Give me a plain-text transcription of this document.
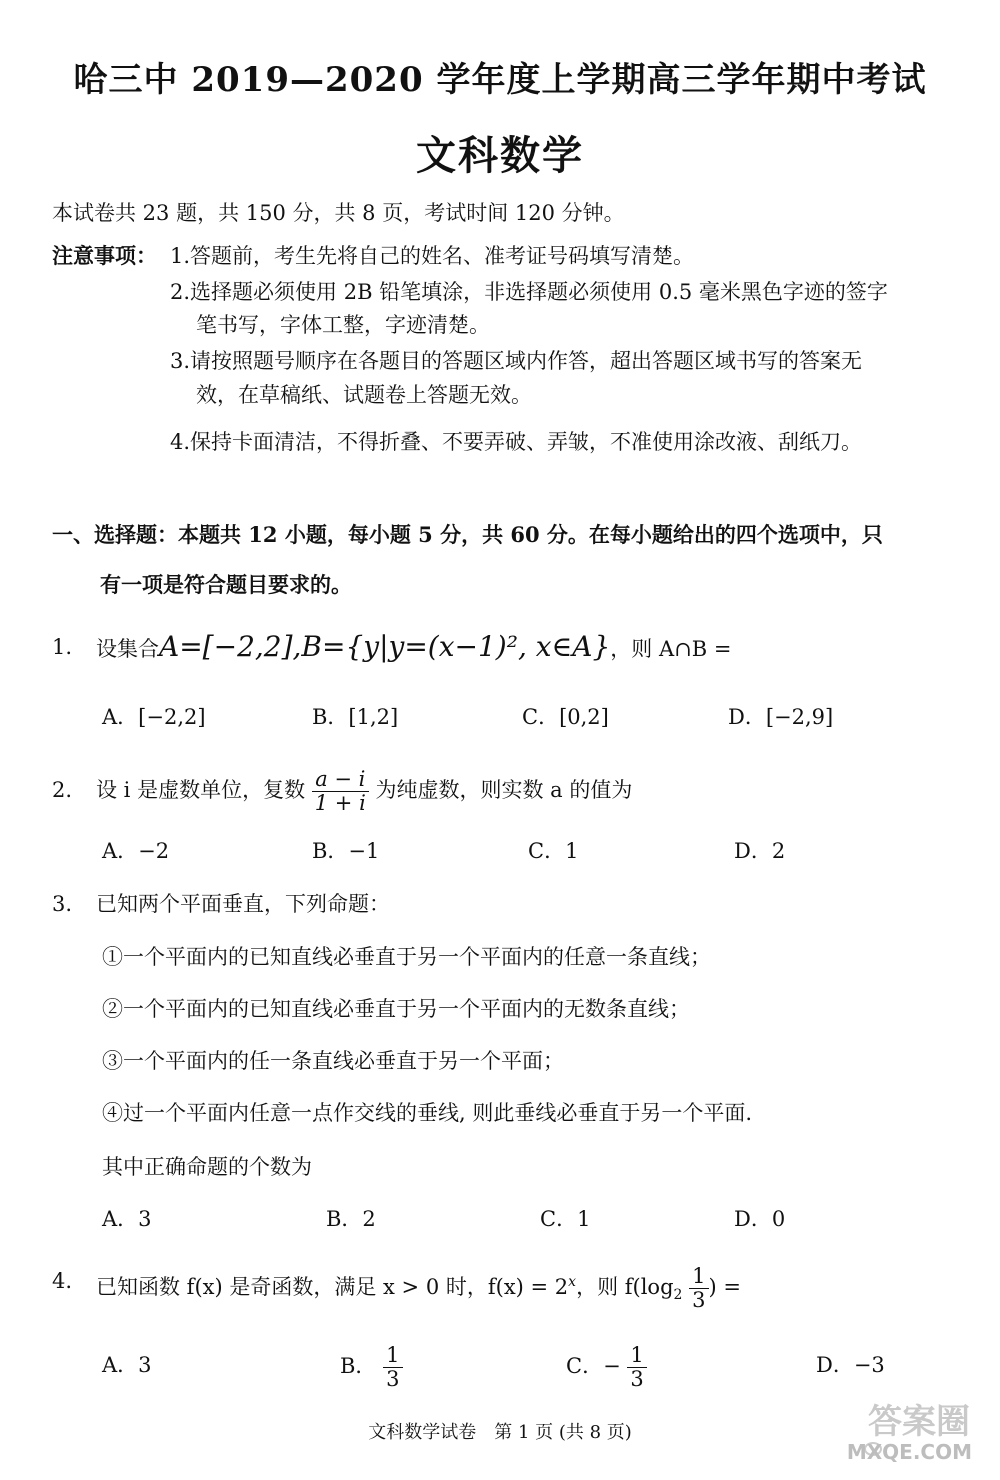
哈三中 2019—2020 学年度上学期高三学年期中考试
文科数学
本试卷共 23 题，共 150 分，共 8 页，考试时间 120 分钟。
注意事项： 1.答题前，考生先将自己的姓名、准考证号码填写清楚。
2.选择题必须使用 2B 铅笔填涂，非选择题必须使用 0.5 毫米黑色字迹的签字
笔书写，字体工整，字迹清楚。
3.请按照题号顺序在各题目的答题区域内作答，超出答题区域书写的答案无
效，在草稿纸、试题卷上答题无效。
4.保持卡面清洁，不得折叠、不要弄破、弄皱，不准使用涂改液、刮纸刀。
一、选择题：本题共 12 小题，每小题 5 分，共 60 分。在每小题给出的四个选项中，只
有一项是符合题目要求的。
1. 设集合A=[−2,2],B={y|y=(x−1)², x∈A}，则 A∩B =
A．[−2,2]	B．[1,2]	C．[0,2]	D．[−2,9]
2. 设 i 是虚数单位，复数 $\frac{a - i}{1 + i}$ 为纯虚数，则实数 a 的值为
A．−2	B．−1	C．1	D．2
3. 已知两个平面垂直，下列命题：
①一个平面内的已知直线必垂直于另一个平面内的任意一条直线；
②一个平面内的已知直线必垂直于另一个平面内的无数条直线；
③一个平面内的任一条直线必垂直于另一个平面；
④过一个平面内任意一点作交线的垂线, 则此垂线必垂直于另一个平面.
其中正确命题的个数为
A．3	B．2	C．1	D．0
4. 已知函数 f(x) 是奇函数，满足 x > 0 时，$f(x) = 2^x$，则 $f(\log_2 \frac{1}{3}$ ) =
A．3	B． $\frac{1}{3}$	C．− $\frac{1}{3}$	D．−3
文科数学试卷　第 1 页 (共 8 页)	答案圈
MXQE.COM
